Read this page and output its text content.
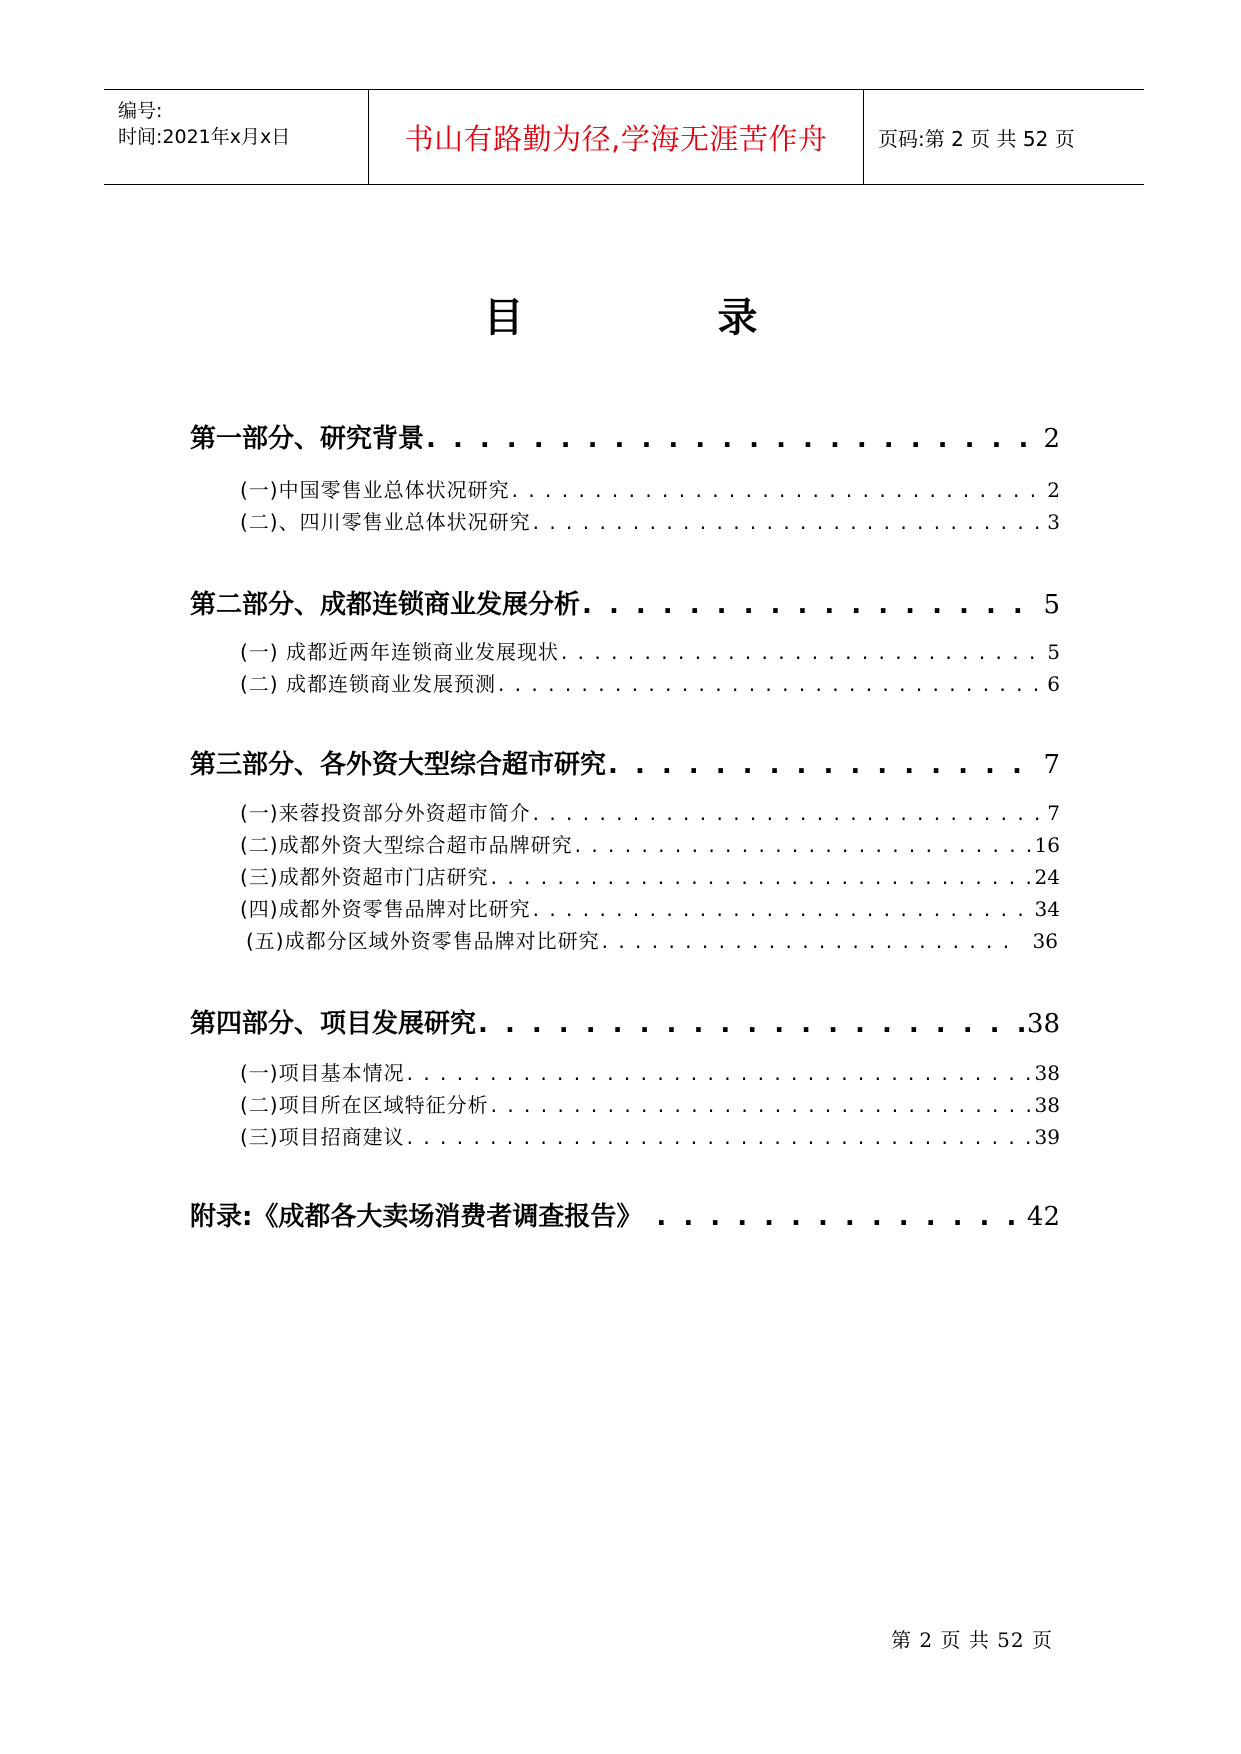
编号:
时间:2021年x月x日	书山有路勤为径,学海无涯苦作舟	页码:第 2 页 共 52 页
目 录
第一部分、研究背景 . . .	2
(一)中国零售业总体状况研究 . . .	2
(二)、四川零售业总体状况研究 . . .	3
第二部分、成都连锁商业发展分析 . . .	5
(一) 成都近两年连锁商业发展现状 . . .	5
(二) 成都连锁商业发展预测 . . .	6
第三部分、各外资大型综合超市研究 . . .	7
(一)来蓉投资部分外资超市简介 . . .	7
(二)成都外资大型综合超市品牌研究 . . .	16
(三)成都外资超市门店研究 . . .	24
(四)成都外资零售品牌对比研究 . . .	34
(五)成都分区域外资零售品牌对比研究 . . .	36
第四部分、项目发展研究 . . .	38
(一)项目基本情况 . . .	38
(二)项目所在区域特征分析 . . .	38
(三)项目招商建议 . . .	39
附录:《成都各大卖场消费者调查报告》 . . .	42
第 2 页 共 52 页
